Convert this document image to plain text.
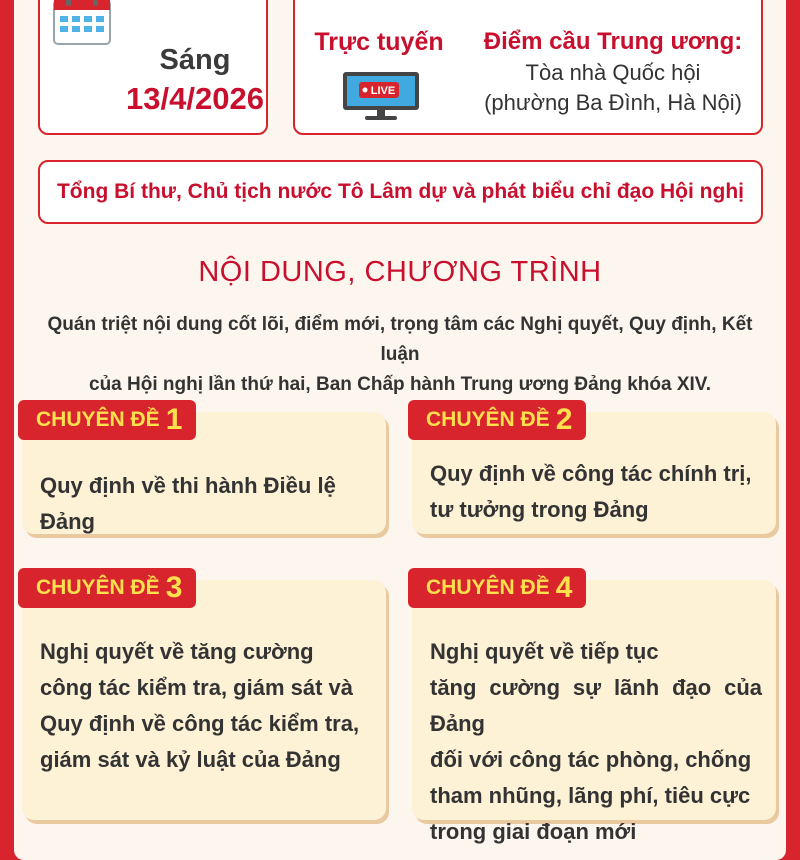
Sáng
13/4/2026
Trực tuyến
LIVE
Điểm cầu Trung ương:
Tòa nhà Quốc hội
(phường Ba Đình, Hà Nội)
Tổng Bí thư, Chủ tịch nước Tô Lâm dự và phát biểu chỉ đạo Hội nghị
NỘI DUNG, CHƯƠNG TRÌNH
Quán triệt nội dung cốt lõi, điểm mới, trọng tâm các Nghị quyết, Quy định, Kết luận
của Hội nghị lần thứ hai, Ban Chấp hành Trung ương Đảng khóa XIV.
CHUYÊN ĐỀ 1
Quy định về thi hành Điều lệ Đảng
CHUYÊN ĐỀ 2
Quy định về công tác chính trị,
tư tưởng trong Đảng
CHUYÊN ĐỀ 3
Nghị quyết về tăng cường
công tác kiểm tra, giám sát và
Quy định về công tác kiểm tra,
giám sát và kỷ luật của Đảng
CHUYÊN ĐỀ 4
Nghị quyết về tiếp tục
tăng cường sự lãnh đạo của Đảng
đối với công tác phòng, chống
tham nhũng, lãng phí, tiêu cực
trong giai đoạn mới
